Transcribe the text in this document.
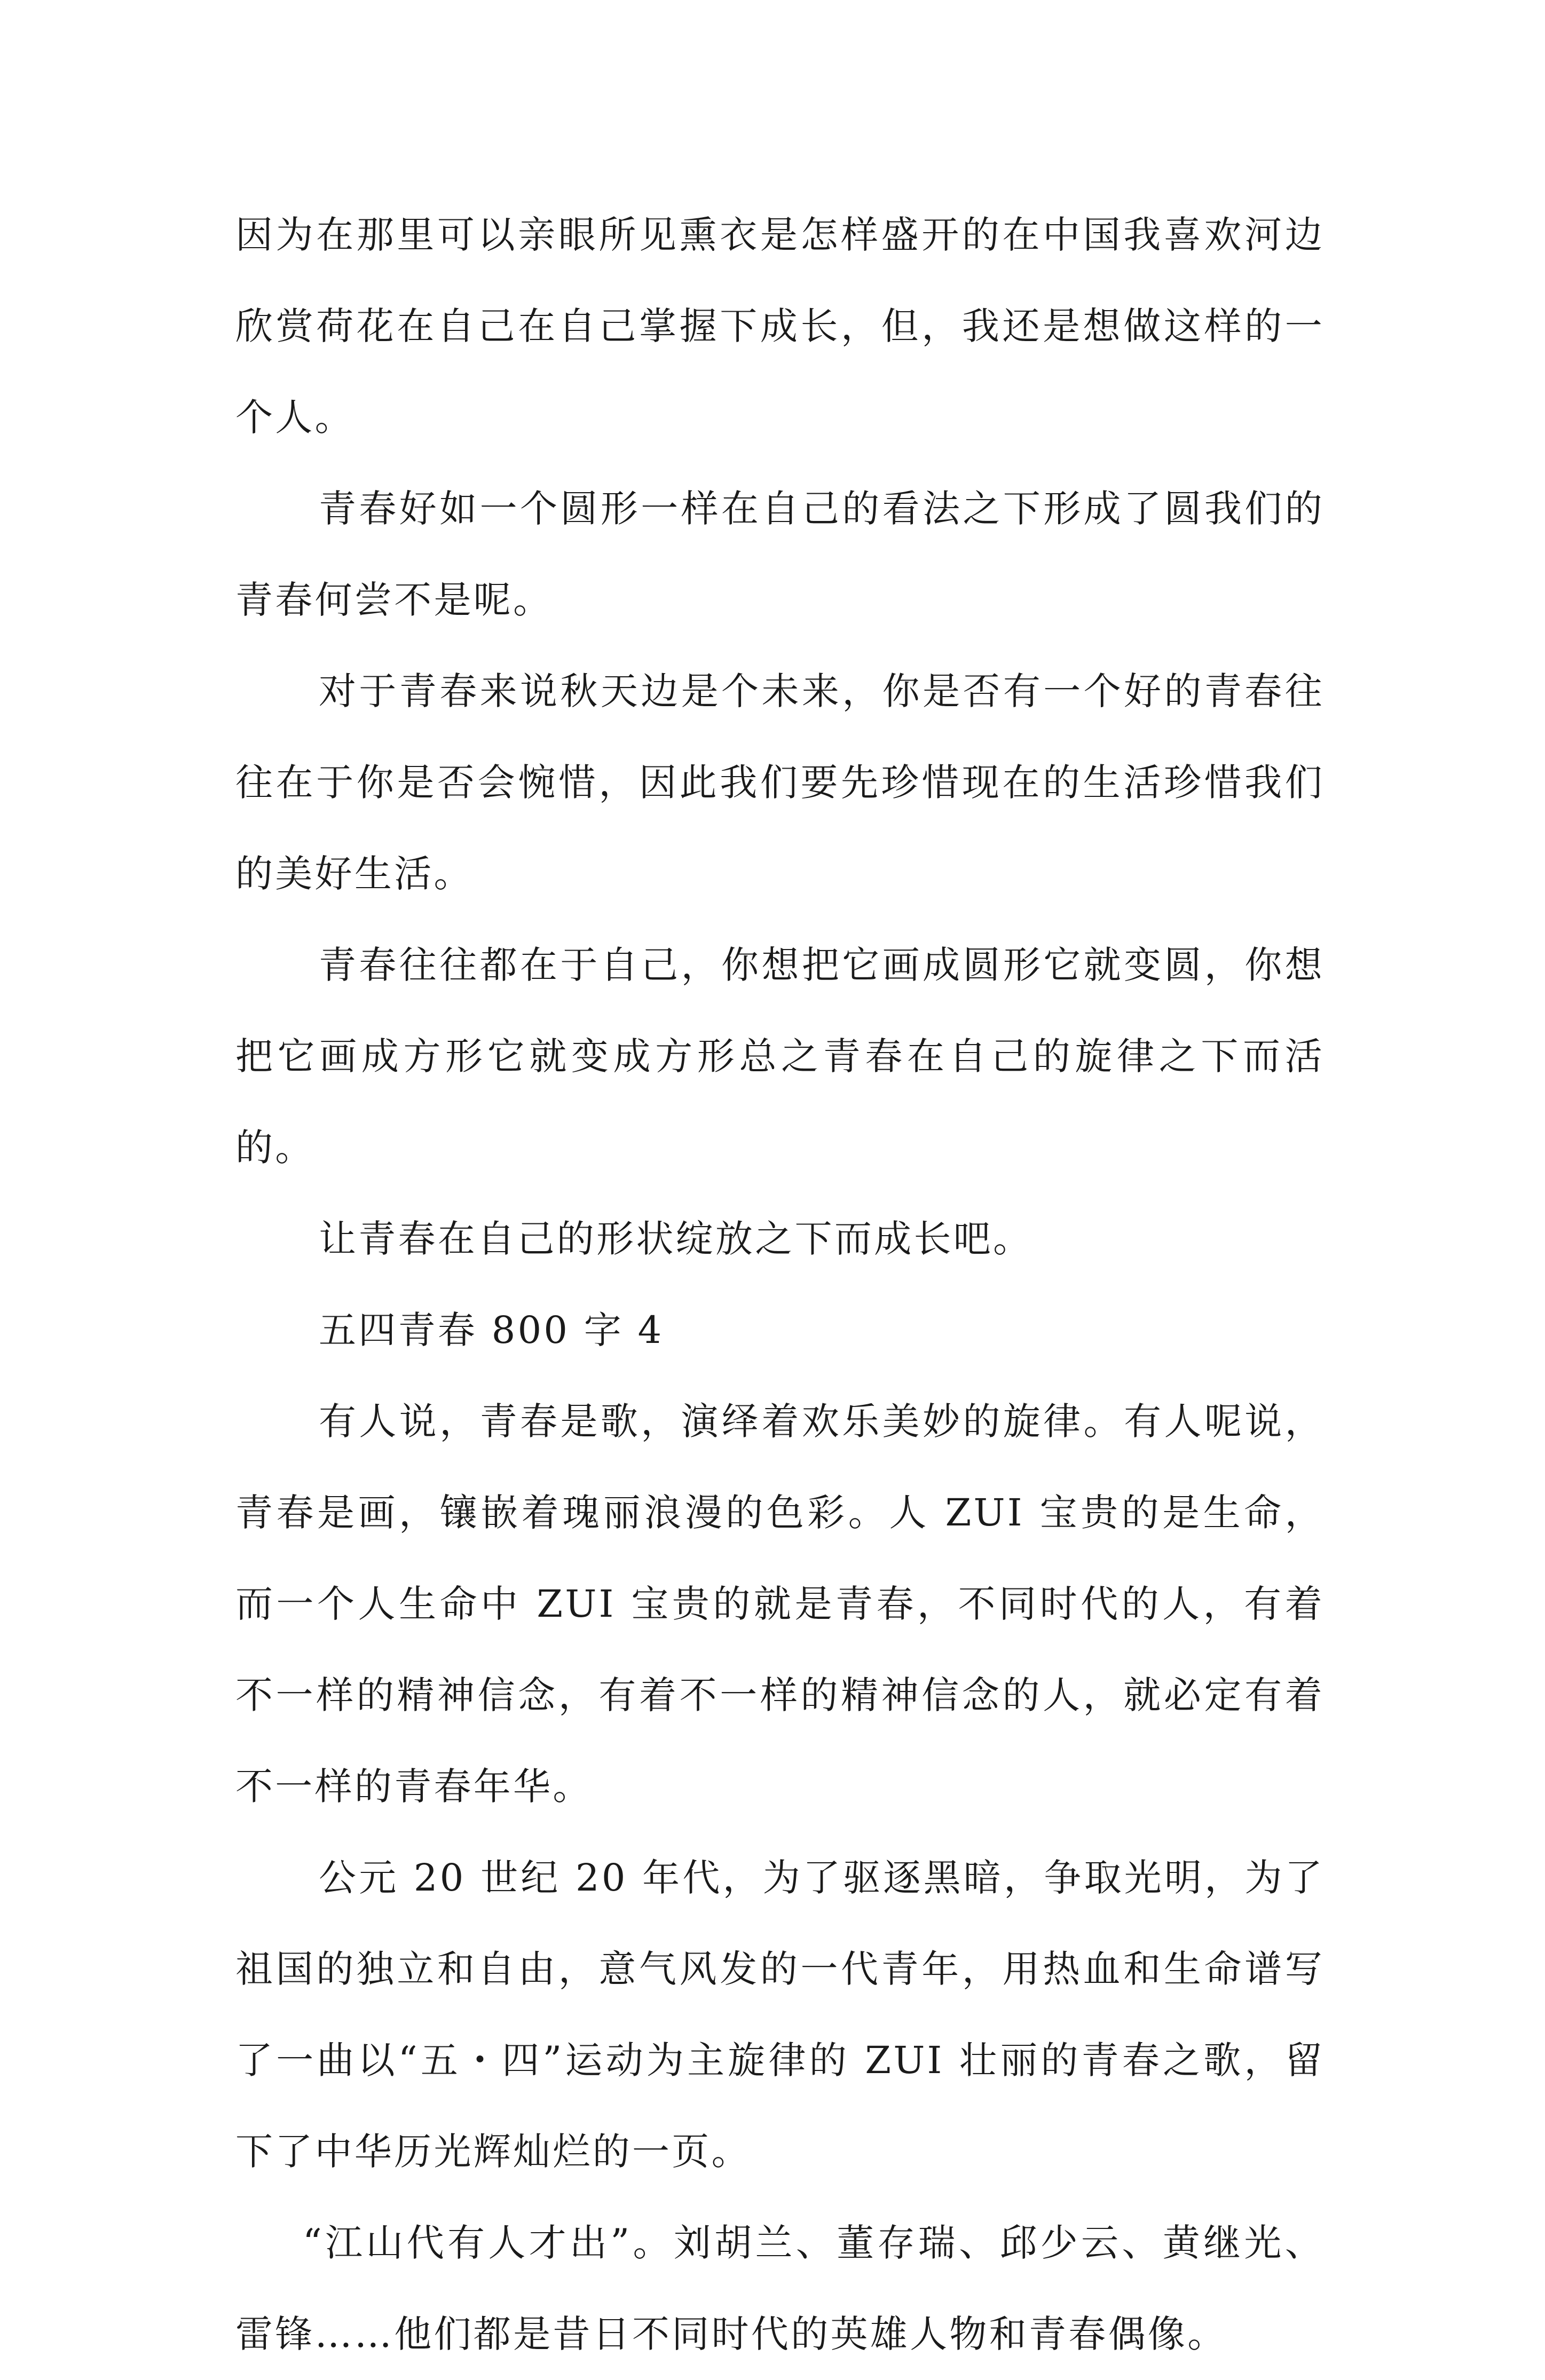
因为在那里可以亲眼所见熏衣是怎样盛开的在中国我喜欢河边欣赏荷花在自己在自己掌握下成长，但，我还是想做这样的一个人。

青春好如一个圆形一样在自己的看法之下形成了圆我们的青春何尝不是呢。

对于青春来说秋天边是个未来，你是否有一个好的青春往往在于你是否会惋惜，因此我们要先珍惜现在的生活珍惜我们的美好生活。

青春往往都在于自己，你想把它画成圆形它就变圆，你想把它画成方形它就变成方形总之青春在自己的旋律之下而活的。

让青春在自己的形状绽放之下而成长吧。

五四青春 800 字 4

有人说，青春是歌，演绎着欢乐美妙的旋律。有人呢说，青春是画，镶嵌着瑰丽浪漫的色彩。人 ZUI 宝贵的是生命，而一个人生命中 ZUI 宝贵的就是青春，不同时代的人，有着不一样的精神信念，有着不一样的精神信念的人，就必定有着不一样的青春年华。

公元 20 世纪 20 年代，为了驱逐黑暗，争取光明，为了祖国的独立和自由，意气风发的一代青年，用热血和生命谱写了一曲以“五・四”运动为主旋律的 ZUI 壮丽的青春之歌，留下了中华历光辉灿烂的一页。

“江山代有人才出”。刘胡兰、董存瑞、邱少云、黄继光、雷锋……他们都是昔日不同时代的英雄人物和青春偶像。
